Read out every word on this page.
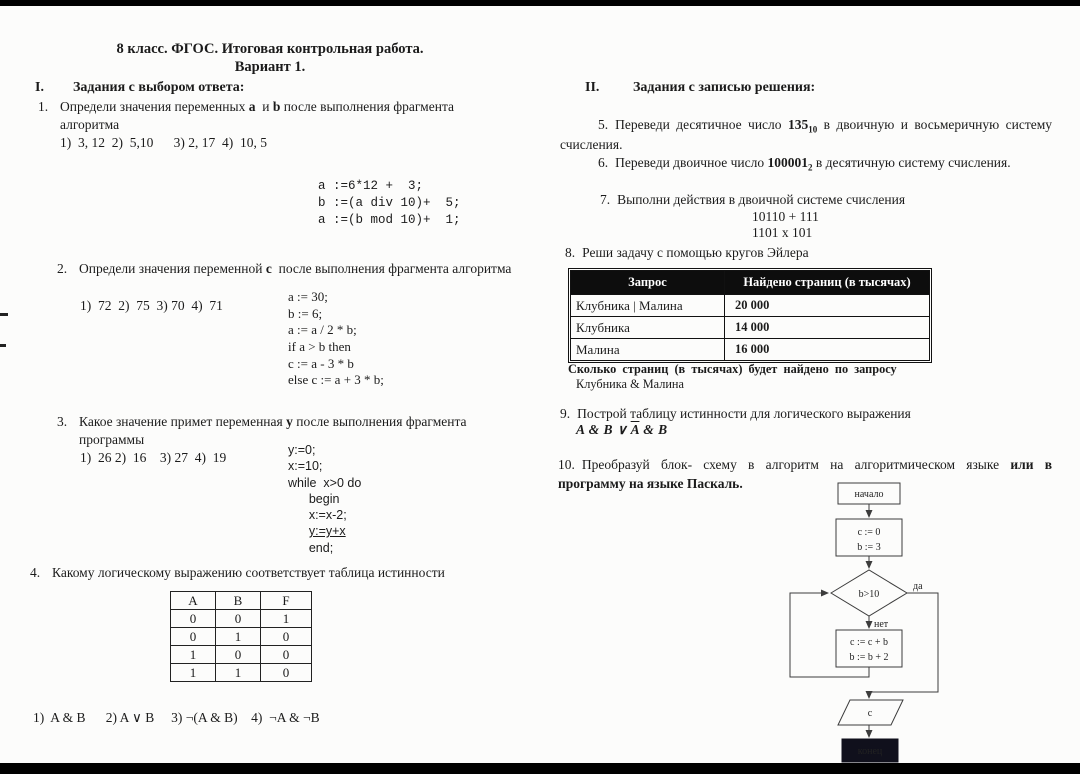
8 класс. ФГОС. Итоговая контрольная работа.
Вариант 1.
I.	Задания с выбором ответа:
1. Определи значения переменных a  и b после выполнения фрагмента алгоритма
1)  3, 12  2)  5,10      3) 2, 17  4)  10, 5
a :=6*12 +  3;
b :=(a div 10)+  5;
a :=(b mod 10)+  1;
2. Определи значения переменной с  после выполнения фрагмента алгоритма
1)  72  2)  75  3) 70  4)  71
a := 30;
b := 6;
a := a / 2 * b;
if a > b then
c := a - 3 * b
else c := a + 3 * b;
3. Какое значение примет переменная у после выполнения фрагмента программы
1)  26 2)  16    3) 27  4)  19	y:=0;
x:=10;
while  x>0 do
begin
x:=x-2;
y:=y+x
end;
4. Какому логическому выражению соответствует таблица истинности
A	B	F
0	0	1
0	1	0
1	0	0
1	1	0
1)  A & B      2) A ∨ B     3) ¬(A & B)    4)  ¬A & ¬B
II.	Задания с записью решения:
5. Переведи десятичное число $135_{10}$ в двоичную и восьмеричную систему счисления.
6. Переведи двоичное число $100001_2$ в десятичную систему счисления.
7. Выполни действия в двоичной системе счисления
10110 + 111
1101 x 101
8. Реши задачу с помощью кругов Эйлера
Запрос	Найдено страниц (в тысячах)
Клубника | Малина	20 000
Клубника	14 000
Малина	16 000
Сколько  страниц  (в  тысячах)  будет  найдено  по  запросу
Клубника & Малина
9. Построй таблицу истинности для логического выражения
A & B ∨ $\overline{A}$ & B
10. Преобразуй блок- схему в алгоритм на алгоритмическом языке или в программу на языке Паскаль.
начало
c := 0
b := 3
b>10
да
нет
c := c + b
b := b + 2
c
конец
